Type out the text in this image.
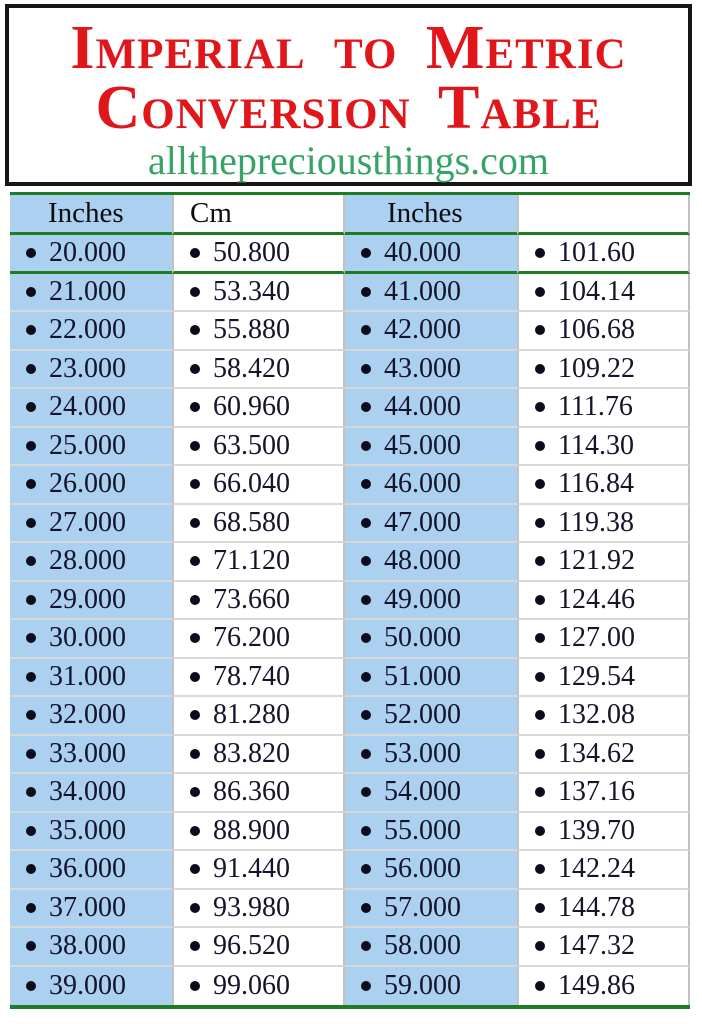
Imperial to Metric
Conversion Table
allthepreciousthings.com
Inches	Cm	Inches
20.000	50.800	40.000	101.60
21.000	53.340	41.000	104.14
22.000	55.880	42.000	106.68
23.000	58.420	43.000	109.22
24.000	60.960	44.000	111.76
25.000	63.500	45.000	114.30
26.000	66.040	46.000	116.84
27.000	68.580	47.000	119.38
28.000	71.120	48.000	121.92
29.000	73.660	49.000	124.46
30.000	76.200	50.000	127.00
31.000	78.740	51.000	129.54
32.000	81.280	52.000	132.08
33.000	83.820	53.000	134.62
34.000	86.360	54.000	137.16
35.000	88.900	55.000	139.70
36.000	91.440	56.000	142.24
37.000	93.980	57.000	144.78
38.000	96.520	58.000	147.32
39.000	99.060	59.000	149.86
